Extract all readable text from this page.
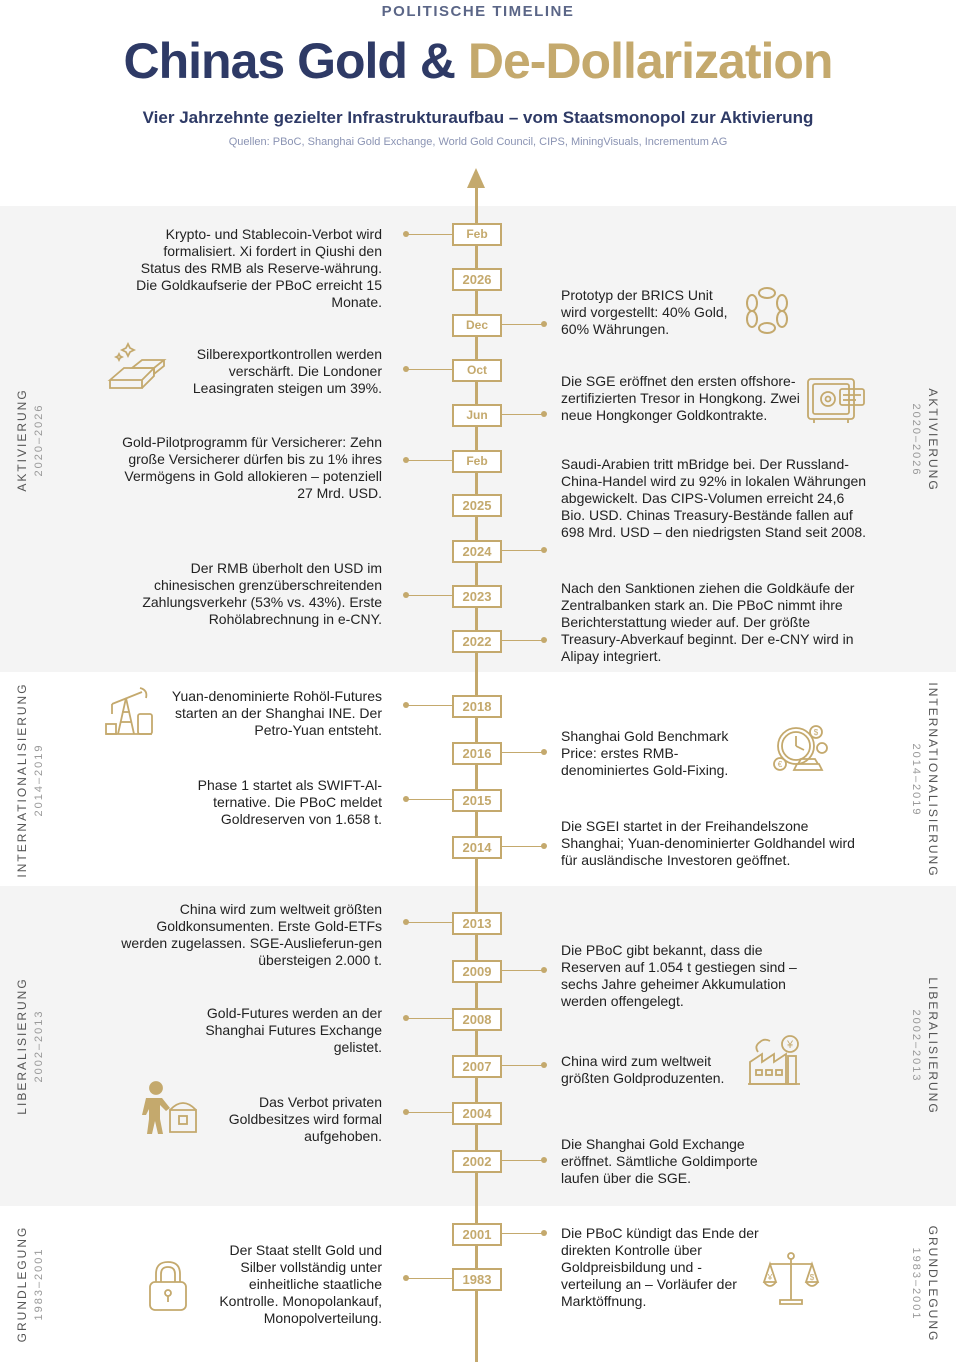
POLITISCHE TIMELINE
Chinas Gold & De-Dollarization
Vier Jahrzehnte gezielter Infrastrukturaufbau – vom Staatsmonopol zur Aktivierung
Quellen: PBoC, Shanghai Gold Exchange, World Gold Council, CIPS, MiningVisuals, Incrementum AG
AKTIVIERUNG 2020–2026	AKTIVIERUNG
2020–2026
INTERNATIONALISIERUNG 2014–2019	INTERNATIONALISIERUNG
2014–2019
LIBERALISIERUNG 2002–2013	LIBERALISIERUNG
2002–2013
GRUNDLEGUNG 1983–2001	GRUNDLEGUNG
1983–2001
Feb
2026
Dec
Oct
Jun
Feb
2025
2024
2023
2022
2018
2016
2015
2014
2013
2009
2008
2007
2004
2002
2001
1983
Krypto- und Stablecoin-Verbot wird formalisiert. Xi fordert in Qiushi den Status des RMB als Reserve-währung. Die Goldkaufserie der PBoC erreicht 15 Monate.
Silberexportkontrollen werden verschärft. Die Londoner Leasingraten steigen um 39%.
Gold-Pilotprogramm für Versicherer: Zehn große Versicherer dürfen bis zu 1% ihres Vermögens in Gold allokieren – potenziell 27 Mrd. USD.
Der RMB überholt den USD im chinesischen grenzüberschreitenden Zahlungsverkehr (53% vs. 43%). Erste Rohölabrechnung in e-CNY.
Yuan-denominierte Rohöl-Futures starten an der Shanghai INE. Der Petro-Yuan entsteht.
Phase 1 startet als SWIFT-Al-ternative. Die PBoC meldet Goldreserven von 1.658 t.
China wird zum weltweit größten Goldkonsumenten. Erste Gold-ETFs werden zugelassen. SGE-Auslieferun-gen übersteigen 2.000 t.
Gold-Futures werden an der Shanghai Futures Exchange gelistet.
Das Verbot privaten Goldbesitzes wird formal aufgehoben.
Der Staat stellt Gold und Silber vollständig unter einheitliche staatliche Kontrolle. Monopolankauf, Monopolverteilung.
Prototyp der BRICS Unit wird vorgestellt: 40% Gold, 60% Währungen.
Die SGE eröffnet den ersten offshore-zertifizierten Tresor in Hongkong. Zwei neue Hongkonger Goldkontrakte.
Saudi-Arabien tritt mBridge bei. Der Russland-China-Handel wird zu 92% in lokalen Währungen abgewickelt. Das CIPS-Volumen erreicht 24,6 Bio. USD. Chinas Treasury-Bestände fallen auf 698 Mrd. USD – den niedrigsten Stand seit 2008.
Nach den Sanktionen ziehen die Goldkäufe der Zentralbanken stark an. Die PBoC nimmt ihre Berichterstattung wieder auf. Der größte Treasury-Abverkauf beginnt. Der e-CNY wird in Alipay integriert.
Shanghai Gold Benchmark Price: erstes RMB-denominiertes Gold-Fixing.
Die SGEI startet in der Freihandelszone Shanghai; Yuan-denominierter Goldhandel wird für ausländische Investoren geöffnet.
Die PBoC gibt bekannt, dass die Reserven auf 1.054 t gestiegen sind – sechs Jahre geheimer Akkumulation werden offengelegt.
China wird zum weltweit größten Goldproduzenten.
Die Shanghai Gold Exchange eröffnet. Sämtliche Goldimporte laufen über die SGE.
Die PBoC kündigt das Ende der direkten Kontrolle über Goldpreisbildung und -verteilung an – Vorläufer der Marktöffnung.
$
€
¥
¥	$
